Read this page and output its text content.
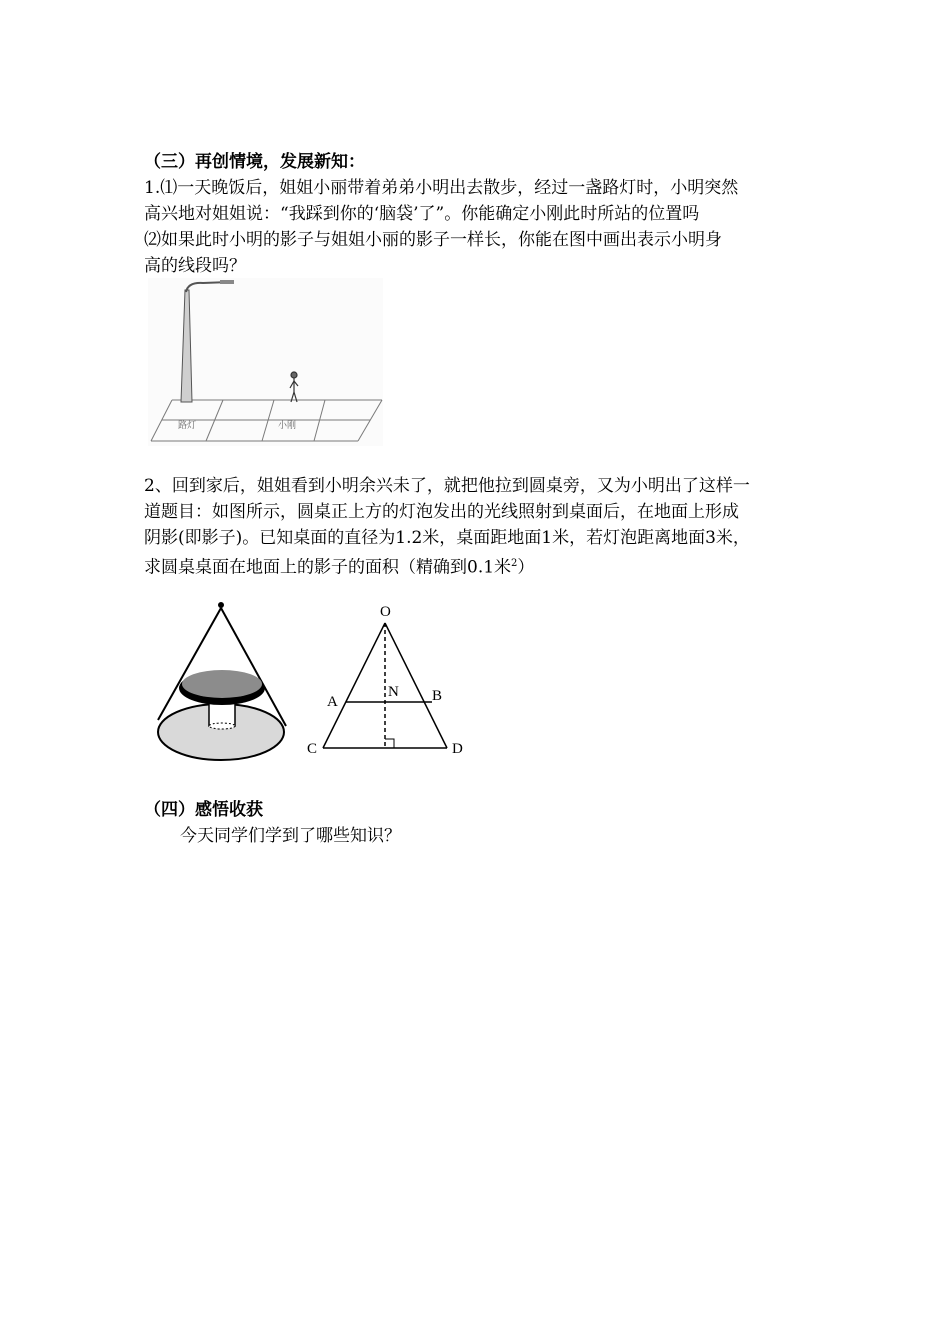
（三）再创情境，发展新知：
1.⑴一天晚饭后，姐姐小丽带着弟弟小明出去散步，经过一盏路灯时，小明突然
高兴地对姐姐说：“我踩到你的‘脑袋’了”。你能确定小刚此时所站的位置吗
⑵如果此时小明的影子与姐姐小丽的影子一样长，你能在图中画出表示小明身
高的线段吗？
路灯	小刚
2、回到家后，姐姐看到小明余兴未了，就把他拉到圆桌旁，又为小明出了这样一
道题目：如图所示，圆桌正上方的灯泡发出的光线照射到桌面后，在地面上形成
阴影(即影子)。已知桌面的直径为1.2米，桌面距地面1米，若灯泡距离地面3米，
求圆桌桌面在地面上的影子的面积（精确到0.1米$^2$）
O
A	B
N
C	D
（四）感悟收获
今天同学们学到了哪些知识？
